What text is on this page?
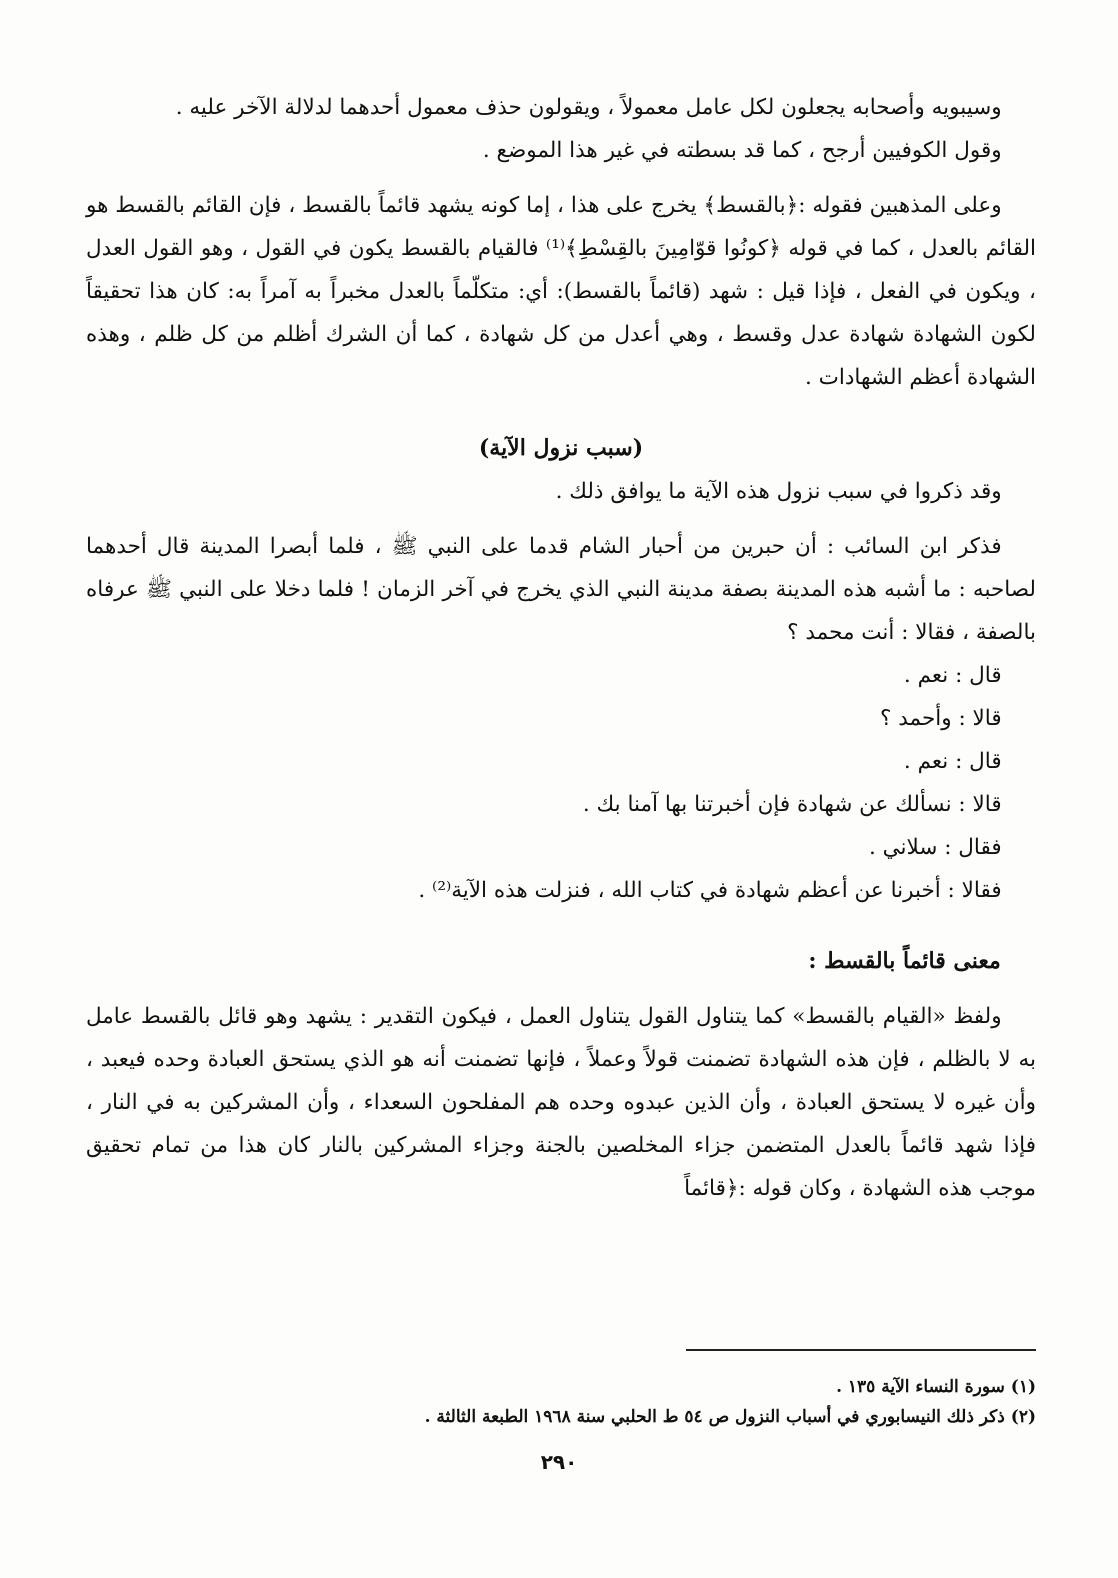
وسيبويه وأصحابه يجعلون لكل عامل معمولاً ، ويقولون حذف معمول أحدهما لدلالة الآخر عليه .

وقول الكوفيين أرجح ، كما قد بسطته في غير هذا الموضع .

وعلى المذهبين فقوله :﴿بالقسط﴾ يخرج على هذا ، إما كونه يشهد قائماً بالقسط ، فإن القائم بالقسط هو القائم بالعدل ، كما في قوله ﴿كونُوا قوّامِينَ بالقِسْطِ﴾⁽¹⁾ فالقيام بالقسط يكون في القول ، وهو القول العدل ، ويكون في الفعل ، فإذا قيل : شهد (قائماً بالقسط): أي: متكلّماً بالعدل مخبراً به آمراً به: كان هذا تحقيقاً لكون الشهادة شهادة عدل وقسط ، وهي أعدل من كل شهادة ، كما أن الشرك أظلم من كل ظلم ، وهذه الشهادة أعظم الشهادات .

(سبب نزول الآية)

وقد ذكروا في سبب نزول هذه الآية ما يوافق ذلك .

فذكر ابن السائب : أن حبرين من أحبار الشام قدما على النبي ﷺ ، فلما أبصرا المدينة قال أحدهما لصاحبه : ما أشبه هذه المدينة بصفة مدينة النبي الذي يخرج في آخر الزمان ! فلما دخلا على النبي ﷺ عرفاه بالصفة ، فقالا : أنت محمد ؟

قال : نعم .

قالا : وأحمد ؟

قال : نعم .

قالا : نسألك عن شهادة فإن أخبرتنا بها آمنا بك .

فقال : سلاني .

فقالا : أخبرنا عن أعظم شهادة في كتاب الله ، فنزلت هذه الآية⁽²⁾ .

معنى قائماً بالقسط :

ولفظ «القيام بالقسط» كما يتناول القول يتناول العمل ، فيكون التقدير : يشهد وهو قائل بالقسط عامل به لا بالظلم ، فإن هذه الشهادة تضمنت قولاً وعملاً ، فإنها تضمنت أنه هو الذي يستحق العبادة وحده فيعبد ، وأن غيره لا يستحق العبادة ، وأن الذين عبدوه وحده هم المفلحون السعداء ، وأن المشركين به في النار ، فإذا شهد قائماً بالعدل المتضمن جزاء المخلصين بالجنة وجزاء المشركين بالنار كان هذا من تمام تحقيق موجب هذه الشهادة ، وكان قوله :﴿قائماً

(١) سورة النساء الآية ١٣٥ .
(٢) ذكر ذلك النيسابوري في أسباب النزول ص ٥٤ ط الحلبي سنة ١٩٦٨ الطبعة الثالثة .
٢٩٠
